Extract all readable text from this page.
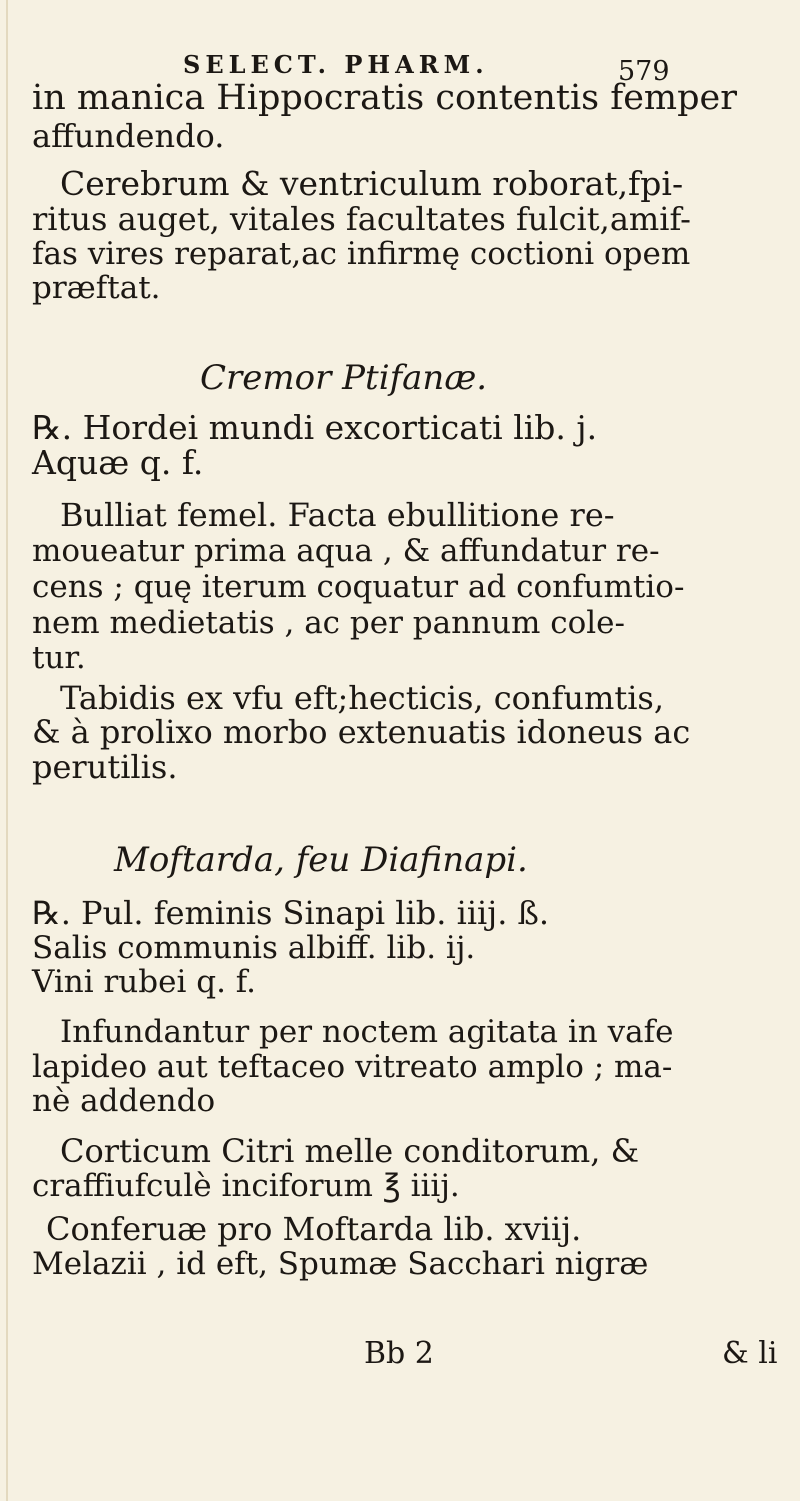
SELECT. PHARM.	579
in manica Hippocratis contentis femper
affundendo.
Cerebrum & ventriculum roborat,fpi-
ritus auget, vitales facultates fulcit,amif-
fas vires reparat,ac infirmę coctioni opem
præftat.
Cremor Ptifanæ.
℞. Hordei mundi excorticati lib. j.
Aquæ q. f.
Bulliat femel. Facta ebullitione re-
moueatur prima aqua , & affundatur re-
cens ; quę iterum coquatur ad confumtio-
nem medietatis , ac per pannum cole-
tur.
Tabidis ex vfu eft;hecticis, confumtis,
& à prolixo morbo extenuatis idoneus ac
perutilis.
Moftarda, feu Diafinapi.
℞. Pul. feminis Sinapi lib. iiij. ß.
Salis communis albiff. lib. ij.
Vini rubei q. f.
Infundantur per noctem agitata in vafe
lapideo aut teftaceo vitreato amplo ; ma-
nè addendo
Corticum Citri melle conditorum, &
craffiufculè inciforum ℥ iiij.
Conferuæ pro Moftarda lib. xviij.
Melazii , id eft, Spumæ Sacchari nigræ
Bb 2	& li
